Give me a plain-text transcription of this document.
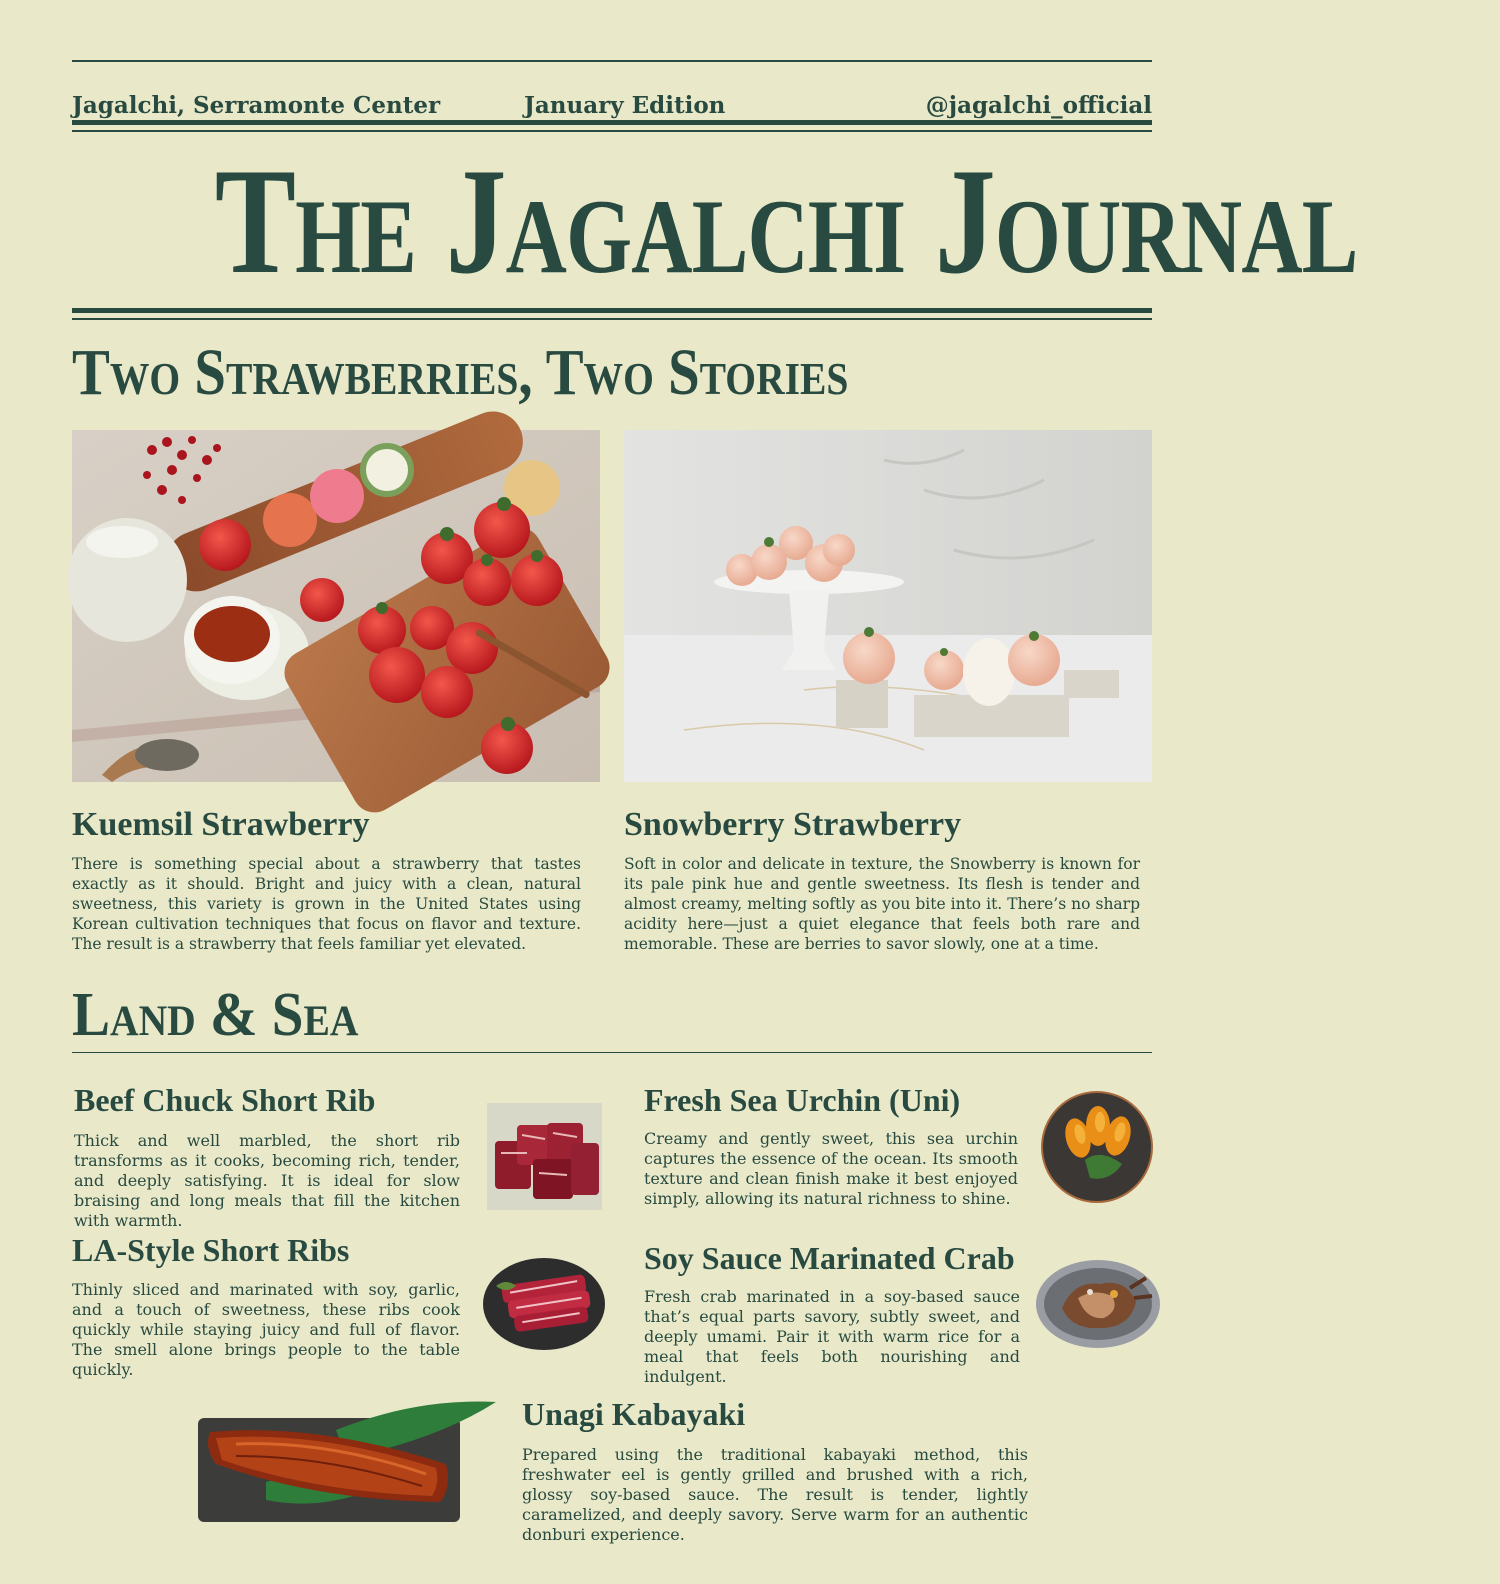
Jagalchi, Serramonte Center	January Edition	@jagalchi_official
The Jagalchi Journal
Two Strawberries, Two Stories
Kuemsil Strawberry

There is something special about a strawberry that tastes exactly as it should. Bright and juicy with a clean, natural sweetness, this variety is grown in the United States using Korean cultivation techniques that focus on flavor and texture. The result is a strawberry that feels familiar yet elevated.

Snowberry Strawberry

Soft in color and delicate in texture, the Snowberry is known for its pale pink hue and gentle sweetness. Its flesh is tender and almost creamy, melting softly as you bite into it. There’s no sharp acidity here—just a quiet elegance that feels both rare and memorable. These are berries to savor slowly, one at a time.

Land & Sea
Beef Chuck Short Rib

Thick and well marbled, the short rib transforms as it cooks, becoming rich, tender, and deeply satisfying. It is ideal for slow braising and long meals that fill the kitchen with warmth.

Fresh Sea Urchin (Uni)

Creamy and gently sweet, this sea urchin captures the essence of the ocean. Its smooth texture and clean finish make it best enjoyed simply, allowing its natural richness to shine.

LA-Style Short Ribs

Thinly sliced and marinated with soy, garlic, and a touch of sweetness, these ribs cook quickly while staying juicy and full of flavor. The smell alone brings people to the table quickly.

Soy Sauce Marinated Crab

Fresh crab marinated in a soy-based sauce that’s equal parts savory, subtly sweet, and deeply umami. Pair it with warm rice for a meal that feels both nourishing and indulgent.

Unagi Kabayaki

Prepared using the traditional kabayaki method, this freshwater eel is gently grilled and brushed with a rich, glossy soy-based sauce. The result is tender, lightly caramelized, and deeply savory. Serve warm for an authentic donburi experience.
